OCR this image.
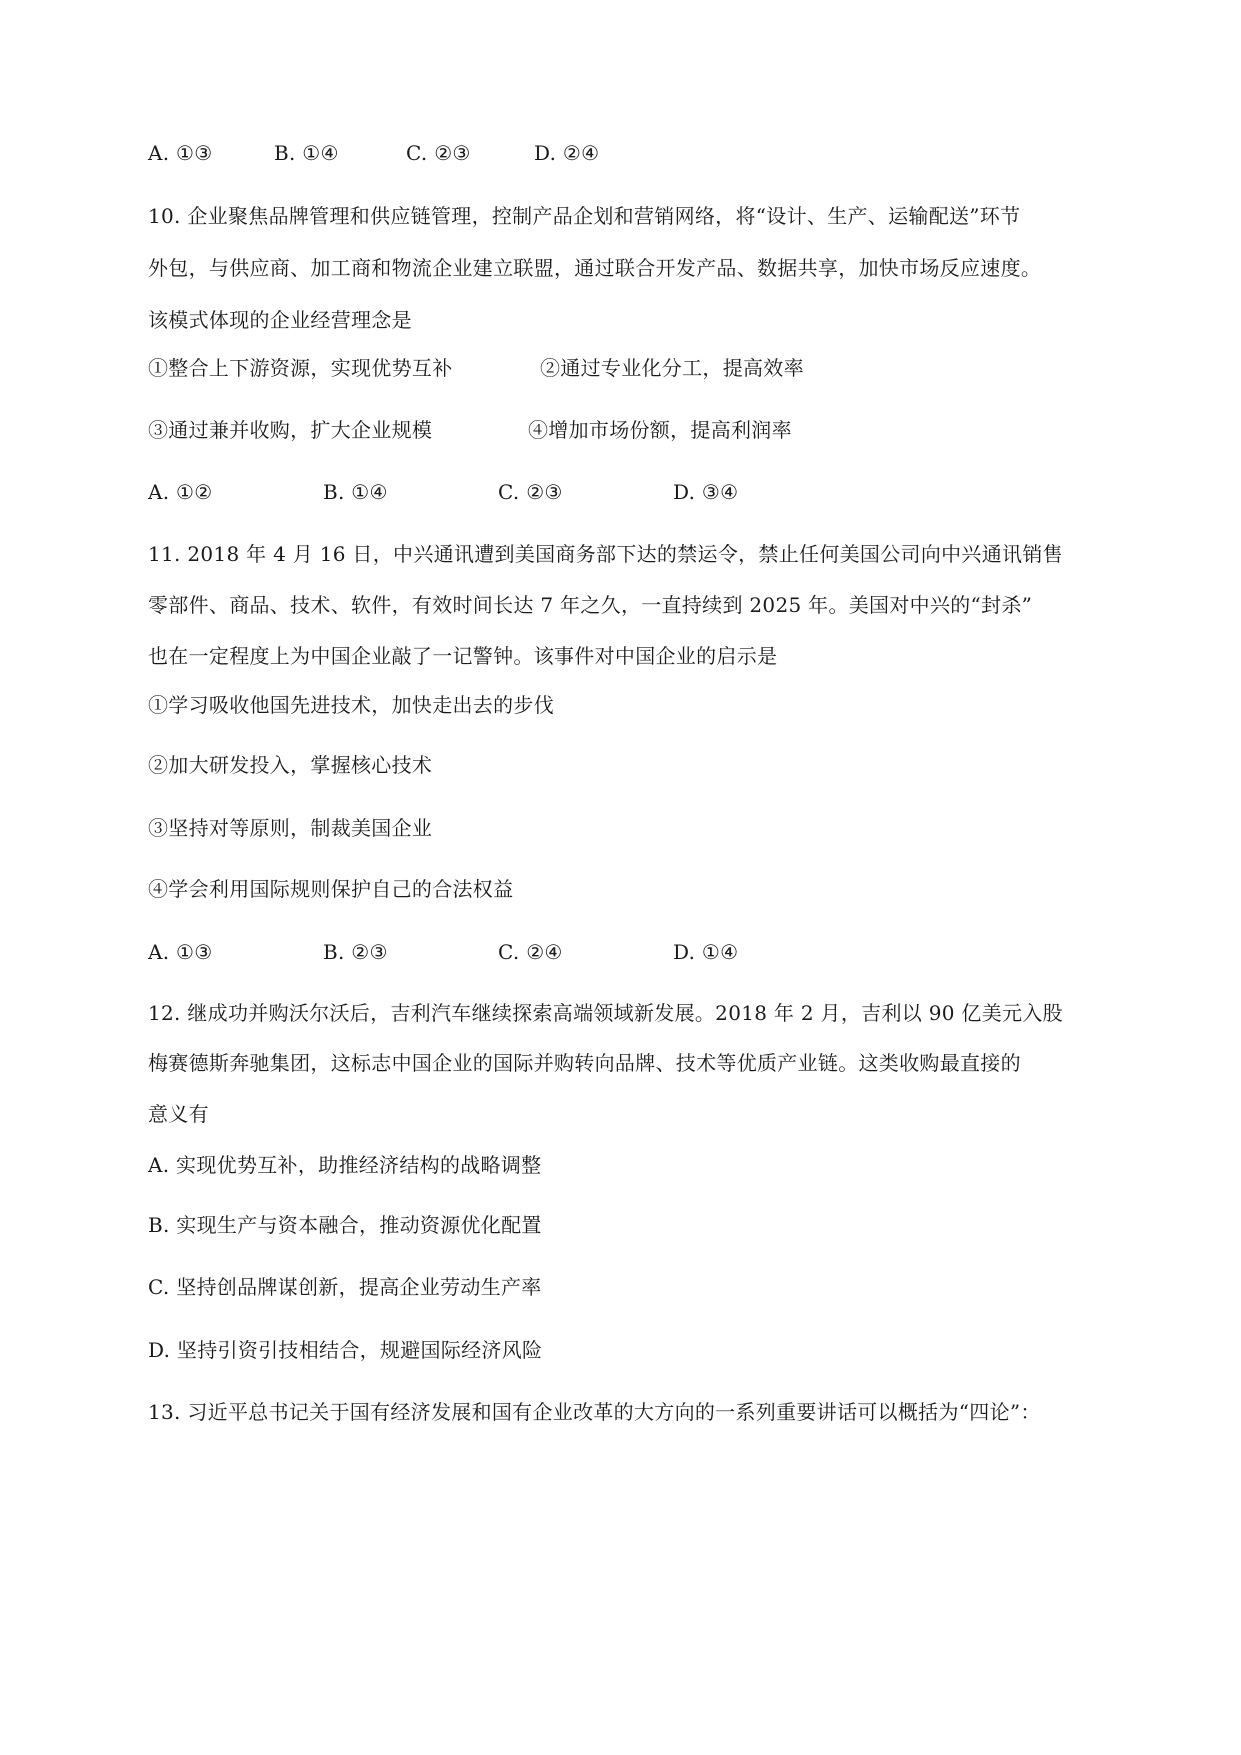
A. ①③	B. ①④	C. ②③	D. ②④
10. 企业聚焦品牌管理和供应链管理，控制产品企划和营销网络，将“设计、生产、运输配送”环节
外包，与供应商、加工商和物流企业建立联盟，通过联合开发产品、数据共享，加快市场反应速度。
该模式体现的企业经营理念是
①整合上下游资源，实现优势互补	②通过专业化分工，提高效率
③通过兼并收购，扩大企业规模	④增加市场份额，提高利润率
A. ①②	B. ①④	C. ②③	D. ③④
11. 2018 年 4 月 16 日，中兴通讯遭到美国商务部下达的禁运令，禁止任何美国公司向中兴通讯销售
零部件、商品、技术、软件，有效时间长达 7 年之久，一直持续到 2025 年。美国对中兴的“封杀”
也在一定程度上为中国企业敲了一记警钟。该事件对中国企业的启示是
①学习吸收他国先进技术，加快走出去的步伐
②加大研发投入，掌握核心技术
③坚持对等原则，制裁美国企业
④学会利用国际规则保护自己的合法权益
A. ①③	B. ②③	C. ②④	D. ①④
12. 继成功并购沃尔沃后，吉利汽车继续探索高端领域新发展。2018 年 2 月，吉利以 90 亿美元入股
梅赛德斯奔驰集团，这标志中国企业的国际并购转向品牌、技术等优质产业链。这类收购最直接的
意义有
A. 实现优势互补，助推经济结构的战略调整
B. 实现生产与资本融合，推动资源优化配置
C. 坚持创品牌谋创新，提高企业劳动生产率
D. 坚持引资引技相结合，规避国际经济风险
13. 习近平总书记关于国有经济发展和国有企业改革的大方向的一系列重要讲话可以概括为“四论”：
